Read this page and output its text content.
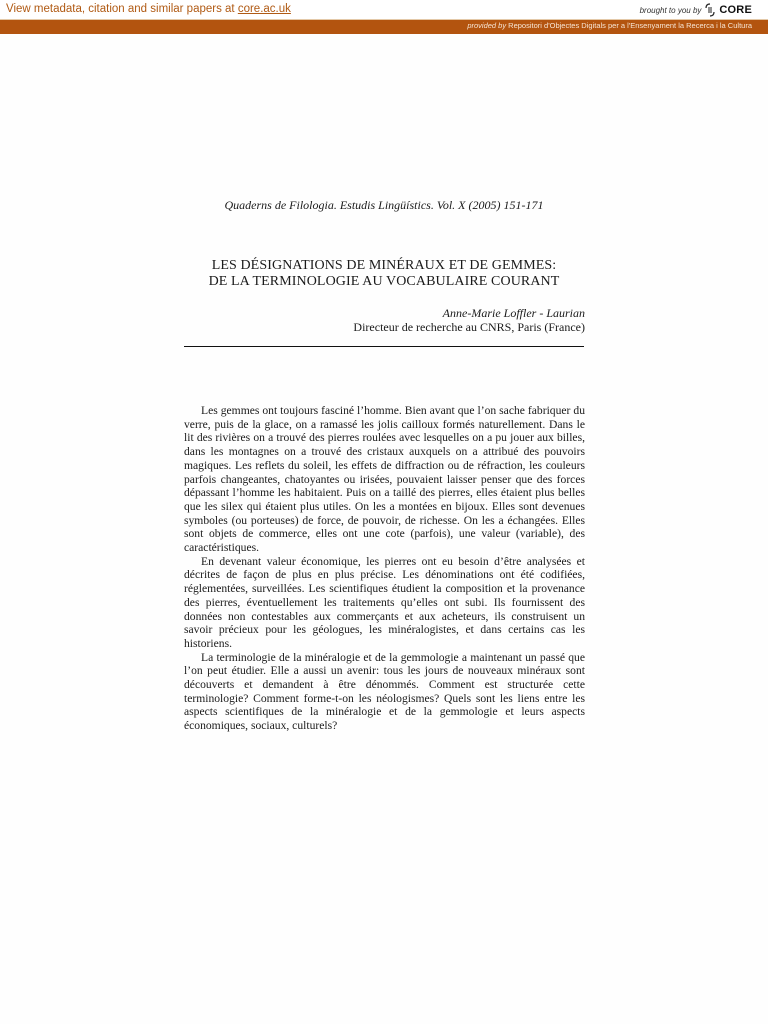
View metadata, citation and similar papers at core.ac.uk	brought to you by CORE
provided by Repositori d'Objectes Digitals per a l'Ensenyament la Recerca i la Cultura
Quaderns de Filologia. Estudis Lingüístics. Vol. X (2005) 151-171
LES DÉSIGNATIONS DE MINÉRAUX ET DE GEMMES:
DE LA TERMINOLOGIE AU VOCABULAIRE COURANT
Anne-Marie Loffler - Laurian
Directeur de recherche au CNRS, Paris (France)

Les gemmes ont toujours fasciné l’homme. Bien avant que l’on sache fabriquer du verre, puis de la glace, on a ramassé les jolis cailloux formés naturellement. Dans le lit des rivières on a trouvé des pierres roulées avec lesquelles on a pu jouer aux billes, dans les montagnes on a trouvé des cristaux auxquels on a attribué des pouvoirs magiques. Les reflets du soleil, les effets de diffraction ou de réfraction, les couleurs parfois changeantes, chatoyantes ou irisées, pouvaient laisser penser que des forces dépassant l’homme les habitaient. Puis on a taillé des pierres, elles étaient plus belles que les silex qui étaient plus utiles. On les a montées en bijoux. Elles sont devenues symboles (ou porteuses) de force, de pouvoir, de richesse. On les a échangées. Elles sont objets de commerce, elles ont une cote (parfois), une valeur (variable), des caractéristiques.

En devenant valeur économique, les pierres ont eu besoin d’être analysées et décrites de façon de plus en plus précise. Les dénominations ont été codifiées, réglementées, surveillées. Les scientifiques étudient la composition et la provenance des pierres, éventuellement les traitements qu’elles ont subi. Ils fournissent des données non contestables aux commerçants et aux acheteurs, ils construisent un savoir précieux pour les géologues, les minéralogistes, et dans certains cas les historiens.

La terminologie de la minéralogie et de la gemmologie a maintenant un passé que l’on peut étudier. Elle a aussi un avenir: tous les jours de nouveaux minéraux sont découverts et demandent à être dénommés. Comment est structurée cette terminologie? Comment forme-t-on les néologismes? Quels sont les liens entre les aspects scientifiques de la minéralogie et de la gemmologie et leurs aspects économiques, sociaux, culturels?
